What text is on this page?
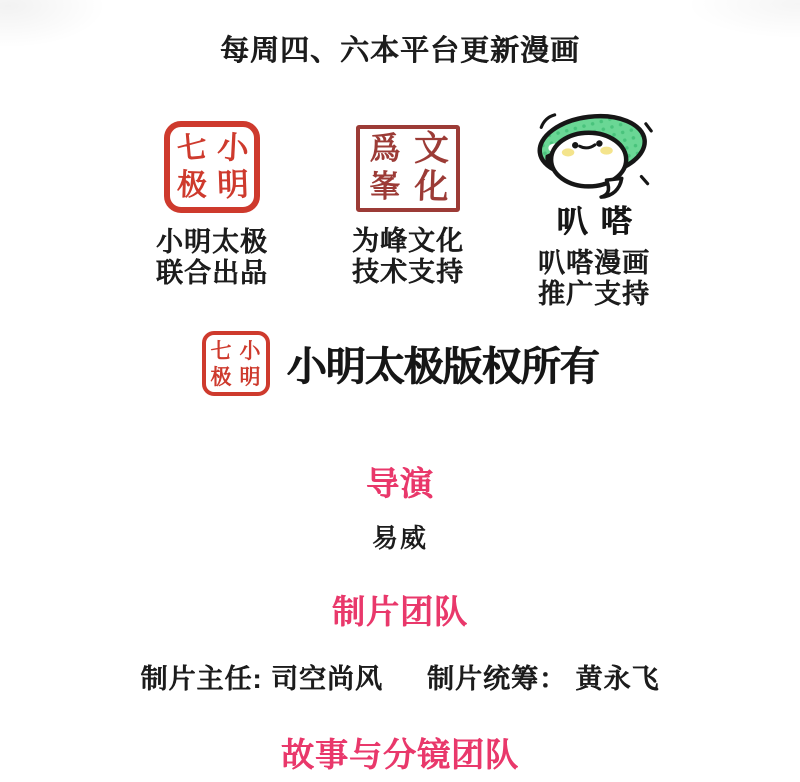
每周四、六本平台更新漫画
七 小
极 明
小明太极
联合出品
爲 文
峯 化
为峰文化
技术支持
叭嗒
叭嗒漫画
推广支持
七 小
极 明 小明太极版权所有
导演
易威
制片团队
制片主任: 司空尚风 制片统筹： 黄永飞
故事与分镜团队
